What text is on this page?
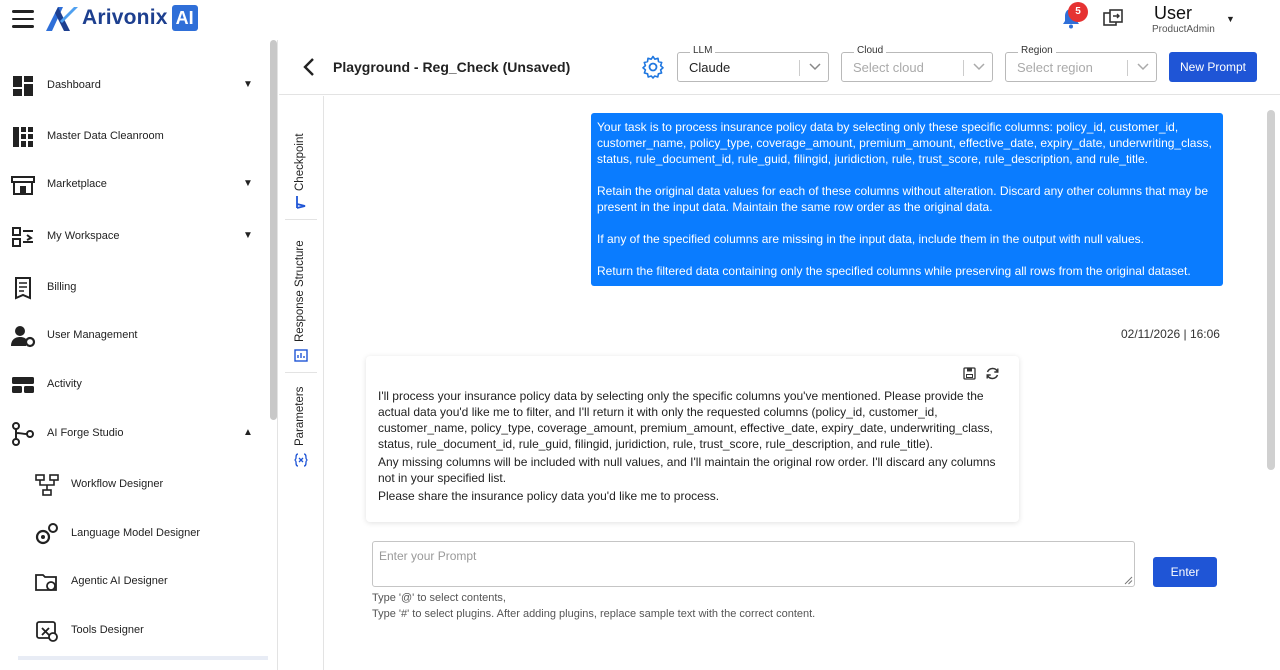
Arivonix AI	5	User
ProductAdmin
▼
Dashboard	▼
Master Data Cleanroom
Marketplace	▼
My Workspace	▼
Billing
User Management
Activity
AI Forge Studio	▲
Workflow Designer
Language Model Designer
Agentic AI Designer
Tools Designer
Playground - Reg_Check (Unsaved)
LLM
Claude
Cloud
Select cloud
Region
Select region	New Prompt
Checkpoint
Response Structure
Parameters

Your task is to process insurance policy data by selecting only these specific columns: policy_id, customer_id, customer_name, policy_type, coverage_amount, premium_amount, effective_date, expiry_date, underwriting_class, status, rule_document_id, rule_guid, filingid, juridiction, rule, trust_score, rule_description, and rule_title.

Retain the original data values for each of these columns without alteration. Discard any other columns that may be present in the input data. Maintain the same row order as the original data.

If any of the specified columns are missing in the input data, include them in the output with null values.

Return the filtered data containing only the specified columns while preserving all rows from the original dataset.

02/11/2026 | 16:06

I'll process your insurance policy data by selecting only the specific columns you've mentioned. Please provide the actual data you'd like me to filter, and I'll return it with only the requested columns (policy_id, customer_id, customer_name, policy_type, coverage_amount, premium_amount, effective_date, expiry_date, underwriting_class, status, rule_document_id, rule_guid, filingid, juridiction, rule, trust_score, rule_description, and rule_title).

Any missing columns will be included with null values, and I'll maintain the original row order. I'll discard any columns not in your specified list.

Please share the insurance policy data you'd like me to process.

Enter your Prompt
Enter
Type '@' to select contents,
Type '#' to select plugins. After adding plugins, replace sample text with the correct content.
